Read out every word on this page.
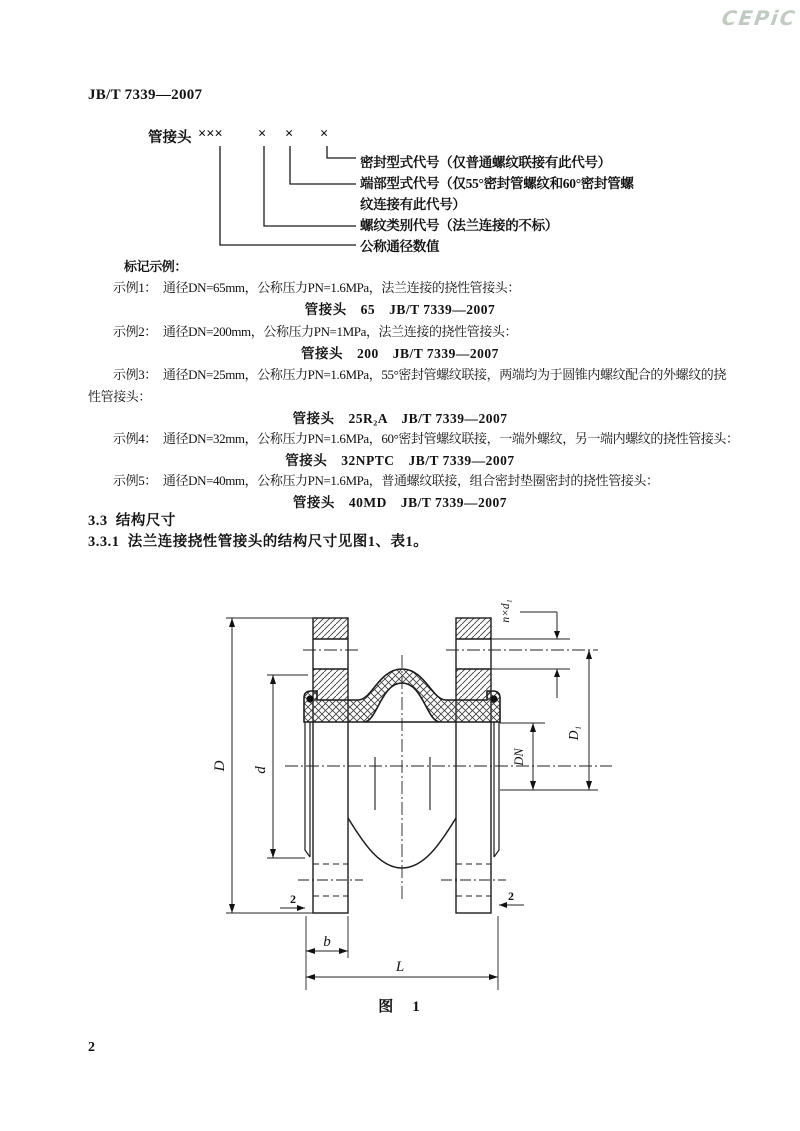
CEPiC
JB/T 7339—2007
管接头 ××× × × ×
密封型式代号（仅普通螺纹联接有此代号）
端部型式代号（仅55°密封管螺纹和60°密封管螺
纹连接有此代号）
螺纹类别代号（法兰连接的不标）
公称通径数值
标记示例：
示例1： 通径DN=65mm，公称压力PN=1.6MPa，法兰连接的挠性管接头：
管接头　65　JB/T 7339—2007
示例2： 通径DN=200mm，公称压力PN=1MPa，法兰连接的挠性管接头：
管接头　200　JB/T 7339—2007
示例3： 通径DN=25mm，公称压力PN=1.6MPa，55°密封管螺纹联接，两端均为于圆锥内螺纹配合的外螺纹的挠
性管接头：
管接头　25R₂A　JB/T 7339—2007
示例4： 通径DN=32mm，公称压力PN=1.6MPa，60°密封管螺纹联接，一端外螺纹，另一端内螺纹的挠性管接头：
管接头　32NPTC　JB/T 7339—2007
示例5： 通径DN=40mm，公称压力PN=1.6MPa，普通螺纹联接，组合密封垫圈密封的挠性管接头：
管接头　40MD　JB/T 7339—2007
3.3 结构尺寸
3.3.1 法兰连接挠性管接头的结构尺寸见图1、表1。
图　1
2
D d
DN
D₁
n×d₁
b
L
2	2
